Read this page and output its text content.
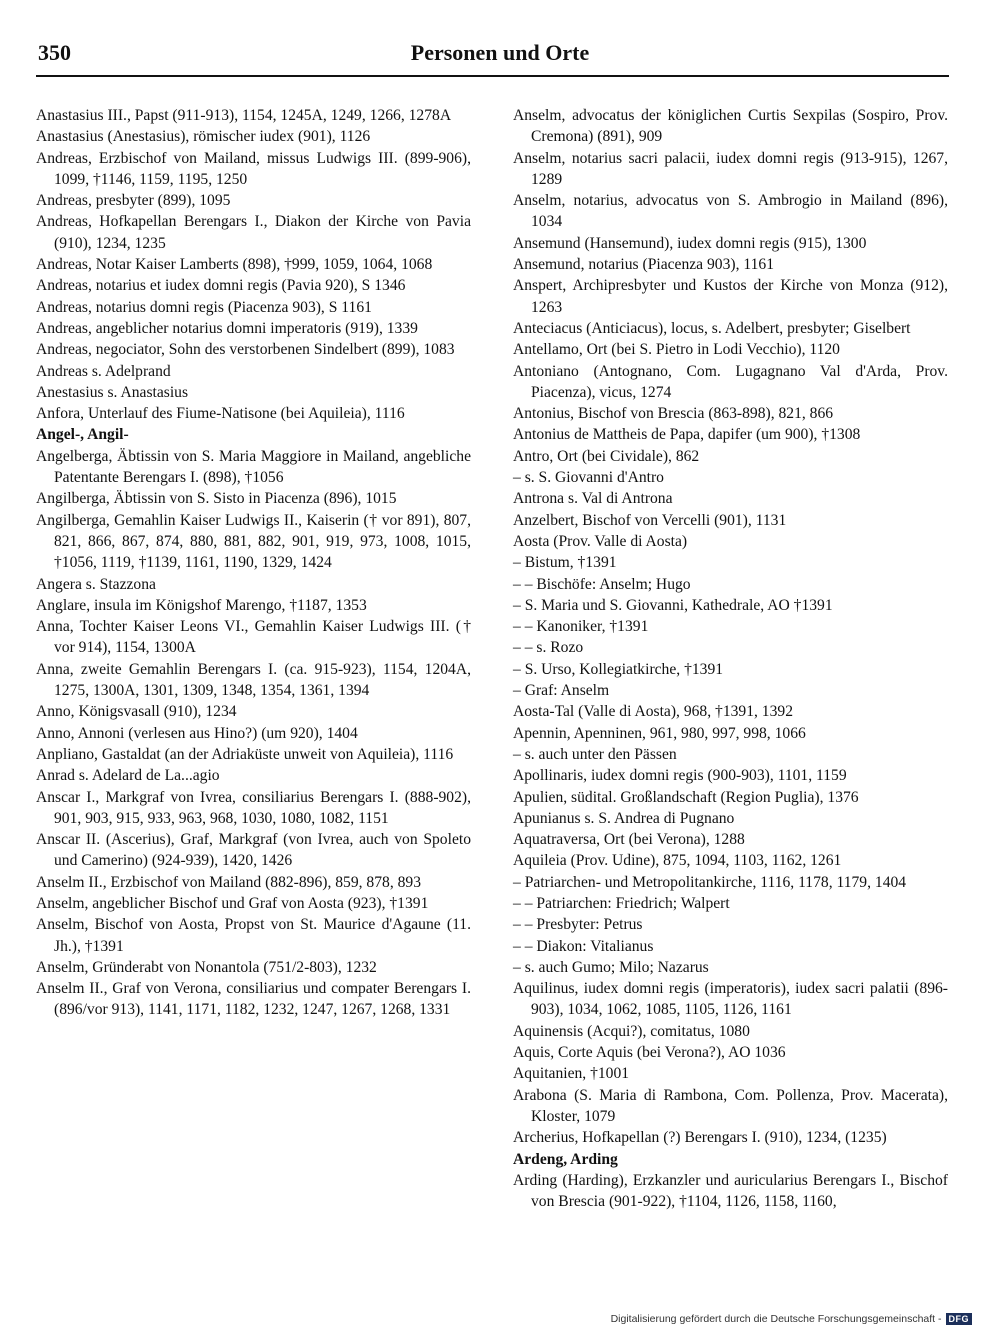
350	Personen und Orte
Anastasius III., Papst (911-913), 1154, 1245A, 1249, 1266, 1278A
Anastasius (Anestasius), römischer iudex (901), 1126
Andreas, Erzbischof von Mailand, missus Ludwigs III. (899-906), 1099, †1146, 1159, 1195, 1250
Andreas, presbyter (899), 1095
Andreas, Hofkapellan Berengars I., Diakon der Kirche von Pavia (910), 1234, 1235
Andreas, Notar Kaiser Lamberts (898), †999, 1059, 1064, 1068
Andreas, notarius et iudex domni regis (Pavia 920), S 1346
Andreas, notarius domni regis (Piacenza 903), S 1161
Andreas, angeblicher notarius domni imperatoris (919), 1339
Andreas, negociator, Sohn des verstorbenen Sindelbert (899), 1083
Andreas s. Adelprand
Anestasius s. Anastasius
Anfora, Unterlauf des Fiume-Natisone (bei Aquileia), 1116
Angel-, Angil-
Angelberga, Äbtissin von S. Maria Maggiore in Mailand, angebliche Patentante Berengars I. (898), †1056
Angilberga, Äbtissin von S. Sisto in Piacenza (896), 1015
Angilberga, Gemahlin Kaiser Ludwigs II., Kaiserin († vor 891), 807, 821, 866, 867, 874, 880, 881, 882, 901, 919, 973, 1008, 1015, †1056, 1119, †1139, 1161, 1190, 1329, 1424
Angera s. Stazzona
Anglare, insula im Königshof Marengo, †1187, 1353
Anna, Tochter Kaiser Leons VI., Gemahlin Kaiser Ludwigs III. († vor 914), 1154, 1300A
Anna, zweite Gemahlin Berengars I. (ca. 915-923), 1154, 1204A, 1275, 1300A, 1301, 1309, 1348, 1354, 1361, 1394
Anno, Königsvasall (910), 1234
Anno, Annoni (verlesen aus Hino?) (um 920), 1404
Anpliano, Gastaldat (an der Adriaküste unweit von Aquileia), 1116
Anrad s. Adelard de La...agio
Anscar I., Markgraf von Ivrea, consiliarius Berengars I. (888-902), 901, 903, 915, 933, 963, 968, 1030, 1080, 1082, 1151
Anscar II. (Ascerius), Graf, Markgraf (von Ivrea, auch von Spoleto und Camerino) (924-939), 1420, 1426
Anselm II., Erzbischof von Mailand (882-896), 859, 878, 893
Anselm, angeblicher Bischof und Graf von Aosta (923), †1391
Anselm, Bischof von Aosta, Propst von St. Maurice d'Agaune (11. Jh.), †1391
Anselm, Gründerabt von Nonantola (751/2-803), 1232
Anselm II., Graf von Verona, consiliarius und compater Berengars I. (896/vor 913), 1141, 1171, 1182, 1232, 1247, 1267, 1268, 1331
Anselm, advocatus der königlichen Curtis Sexpilas (Sospiro, Prov. Cremona) (891), 909
Anselm, notarius sacri palacii, iudex domni regis (913-915), 1267, 1289
Anselm, notarius, advocatus von S. Ambrogio in Mailand (896), 1034
Ansemund (Hansemund), iudex domni regis (915), 1300
Ansemund, notarius (Piacenza 903), 1161
Anspert, Archipresbyter und Kustos der Kirche von Monza (912), 1263
Anteciacus (Anticiacus), locus, s. Adelbert, presbyter; Giselbert
Antellamo, Ort (bei S. Pietro in Lodi Vecchio), 1120
Antoniano (Antognano, Com. Lugagnano Val d'Arda, Prov. Piacenza), vicus, 1274
Antonius, Bischof von Brescia (863-898), 821, 866
Antonius de Mattheis de Papa, dapifer (um 900), †1308
Antro, Ort (bei Cividale), 862
– s. S. Giovanni d'Antro
Antrona s. Val di Antrona
Anzelbert, Bischof von Vercelli (901), 1131
Aosta (Prov. Valle di Aosta)
– Bistum, †1391
– – Bischöfe: Anselm; Hugo
– S. Maria und S. Giovanni, Kathedrale, AO †1391
– – Kanoniker, †1391
– – s. Rozo
– S. Urso, Kollegiatkirche, †1391
– Graf: Anselm
Aosta-Tal (Valle di Aosta), 968, †1391, 1392
Apennin, Apenninen, 961, 980, 997, 998, 1066
– s. auch unter den Pässen
Apollinaris, iudex domni regis (900-903), 1101, 1159
Apulien, südital. Großlandschaft (Region Puglia), 1376
Apunianus s. S. Andrea di Pugnano
Aquatraversa, Ort (bei Verona), 1288
Aquileia (Prov. Udine), 875, 1094, 1103, 1162, 1261
– Patriarchen- und Metropolitankirche, 1116, 1178, 1179, 1404
– – Patriarchen: Friedrich; Walpert
– – Presbyter: Petrus
– – Diakon: Vitalianus
– s. auch Gumo; Milo; Nazarus
Aquilinus, iudex domni regis (imperatoris), iudex sacri palatii (896-903), 1034, 1062, 1085, 1105, 1126, 1161
Aquinensis (Acqui?), comitatus, 1080
Aquis, Corte Aquis (bei Verona?), AO 1036
Aquitanien, †1001
Arabona (S. Maria di Rambona, Com. Pollenza, Prov. Macerata), Kloster, 1079
Archerius, Hofkapellan (?) Berengars I. (910), 1234, (1235)
Ardeng, Arding
Arding (Harding), Erzkanzler und auricularius Berengars I., Bischof von Brescia (901-922), †1104, 1126, 1158, 1160,
Digitalisierung gefördert durch die Deutsche Forschungsgemeinschaft - DFG
